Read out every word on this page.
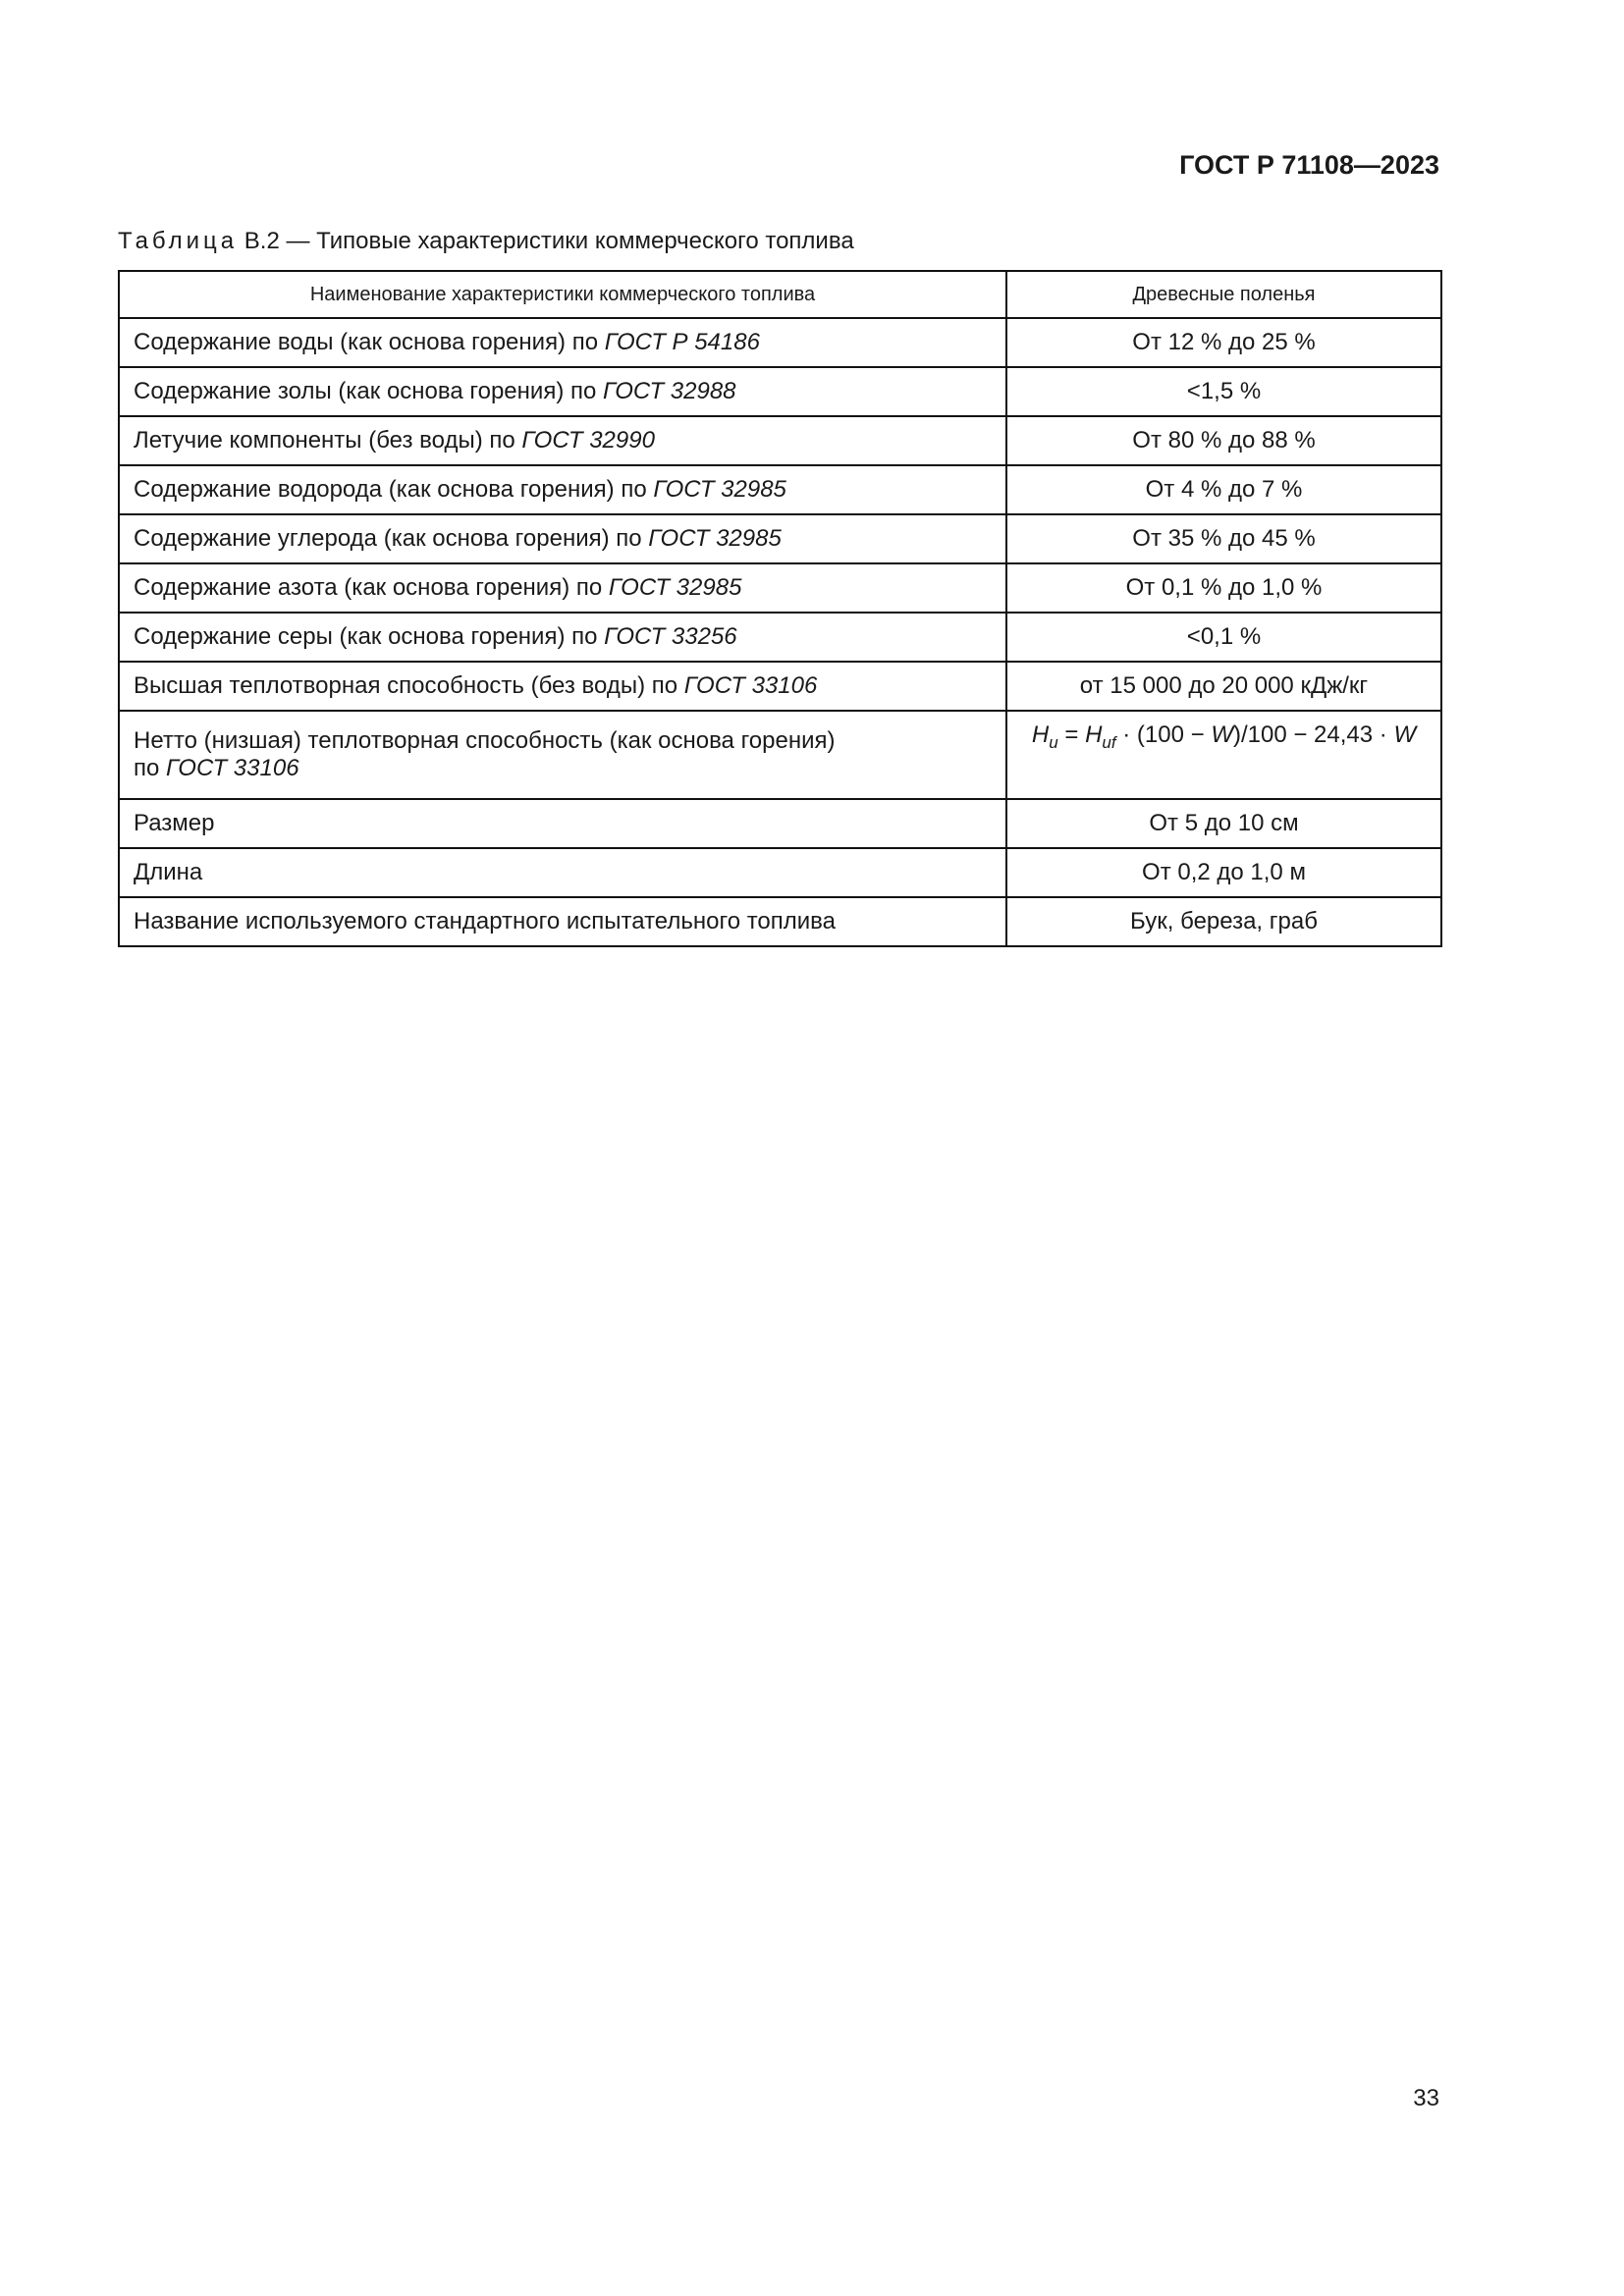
ГОСТ Р 71108—2023
Таблица В.2 — Типовые характеристики коммерческого топлива
Наименование характеристики коммерческого топлива	Древесные поленья
Содержание воды (как основа горения) по ГОСТ Р 54186	От 12 % до 25 %
Содержание золы (как основа горения) по ГОСТ 32988	<1,5 %
Летучие компоненты (без воды) по ГОСТ 32990	От 80 % до 88 %
Содержание водорода (как основа горения) по ГОСТ 32985	От 4 % до 7 %
Содержание углерода (как основа горения) по ГОСТ 32985	От 35 % до 45 %
Содержание азота (как основа горения) по ГОСТ 32985	От 0,1 % до 1,0 %
Содержание серы (как основа горения) по ГОСТ 33256	<0,1 %
Высшая теплотворная способность (без воды) по ГОСТ 33106	от 15 000 до 20 000 кДж/кг
Нетто (низшая) теплотворная способность (как основа горения)
по ГОСТ 33106	$H_u = H_{uf} \cdot (100 - W)/100 - 24,43 \cdot W$
Размер	От 5 до 10 см
Длина	От 0,2 до 1,0 м
Название используемого стандартного испытательного топлива	Бук, береза, граб
33
